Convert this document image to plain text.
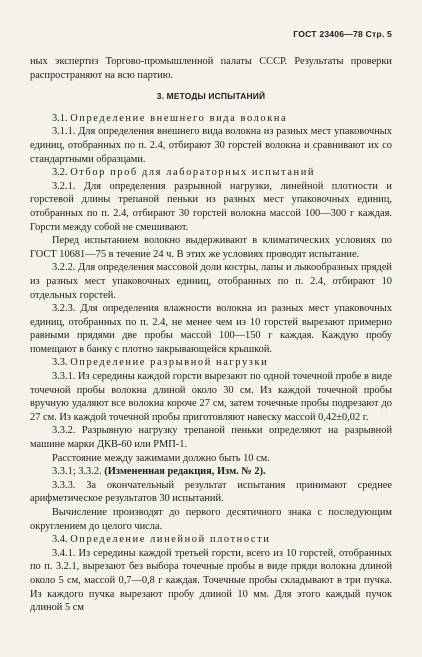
ГОСТ 23406—78 Стр. 5

ных экспертиз Торгово-промышленной палаты СССР. Результаты проверки распространяют на всю партию.

3. МЕТОДЫ ИСПЫТАНИЙ

3.1. Определение внешнего вида волокна

3.1.1. Для определения внешнего вида волокна из разных мест упаковочных единиц, отобранных по п. 2.4, отбирают 30 горстей волокна и сравнивают их со стандартными образцами.

3.2. Отбор проб для лабораторных испытаний

3.2.1. Для определения разрывной нагрузки, линейной плотности и горстевой длины трепаной пеньки из разных мест упаковочных единиц, отобранных по п. 2.4, отбирают 30 горстей волокна массой 100—300 г каждая. Горсти между собой не смешивают.

Перед испытанием волокно выдерживают в климатических условиях по ГОСТ 10681—75 в течение 24 ч. В этих же условиях проводят испытание.

3.2.2. Для определения массовой доли костры, лапы и лыкообразных прядей из разных мест упаковочных единиц, отобранных по п. 2.4, отбирают 10 отдельных горстей.

3.2.3. Для определения влажности волокна из разных мест упаковочных единиц, отобранных по п. 2.4, не менее чем из 10 горстей вырезают примерно равными прядями две пробы массой 100—150 г каждая. Каждую пробу помещают в банку с плотно закрывающейся крышкой.

3.3. Определение разрывной нагрузки

3.3.1. Из середины каждой горсти вырезают по одной точечной пробе в виде точечной пробы волокна длиной около 30 см. Из каждой точечной пробы вручную удаляют все волокна короче 27 см, затем точечные пробы подрезают до 27 см. Из каждой точечной пробы приготовляют навеску массой 0,42±0,02 г.

3.3.2. Разрывную нагрузку трепаной пеньки определяют на разрывной машине марки ДКВ-60 или РМП-1.

Расстояние между зажимами должно быть 10 см.

3.3.1; 3.3.2. (Измененная редакция, Изм. № 2).

3.3.3. За окончательный результат испытания принимают среднее арифметическое результатов 30 испытаний.

Вычисление производят до первого десятичного знака с последующим округлением до целого числа.

3.4. Определение линейной плотности

3.4.1. Из середины каждой третьей горсти, всего из 10 горстей, отобранных по п. 3.2.1, вырезают без выбора точечные пробы в виде пряди волокна длиной около 5 см, массой 0,7—0,8 г каждая. Точечные пробы складывают в три пучка. Из каждого пучка вырезают пробу длиной 10 мм. Для этого каждый пучок длиной 5 см
